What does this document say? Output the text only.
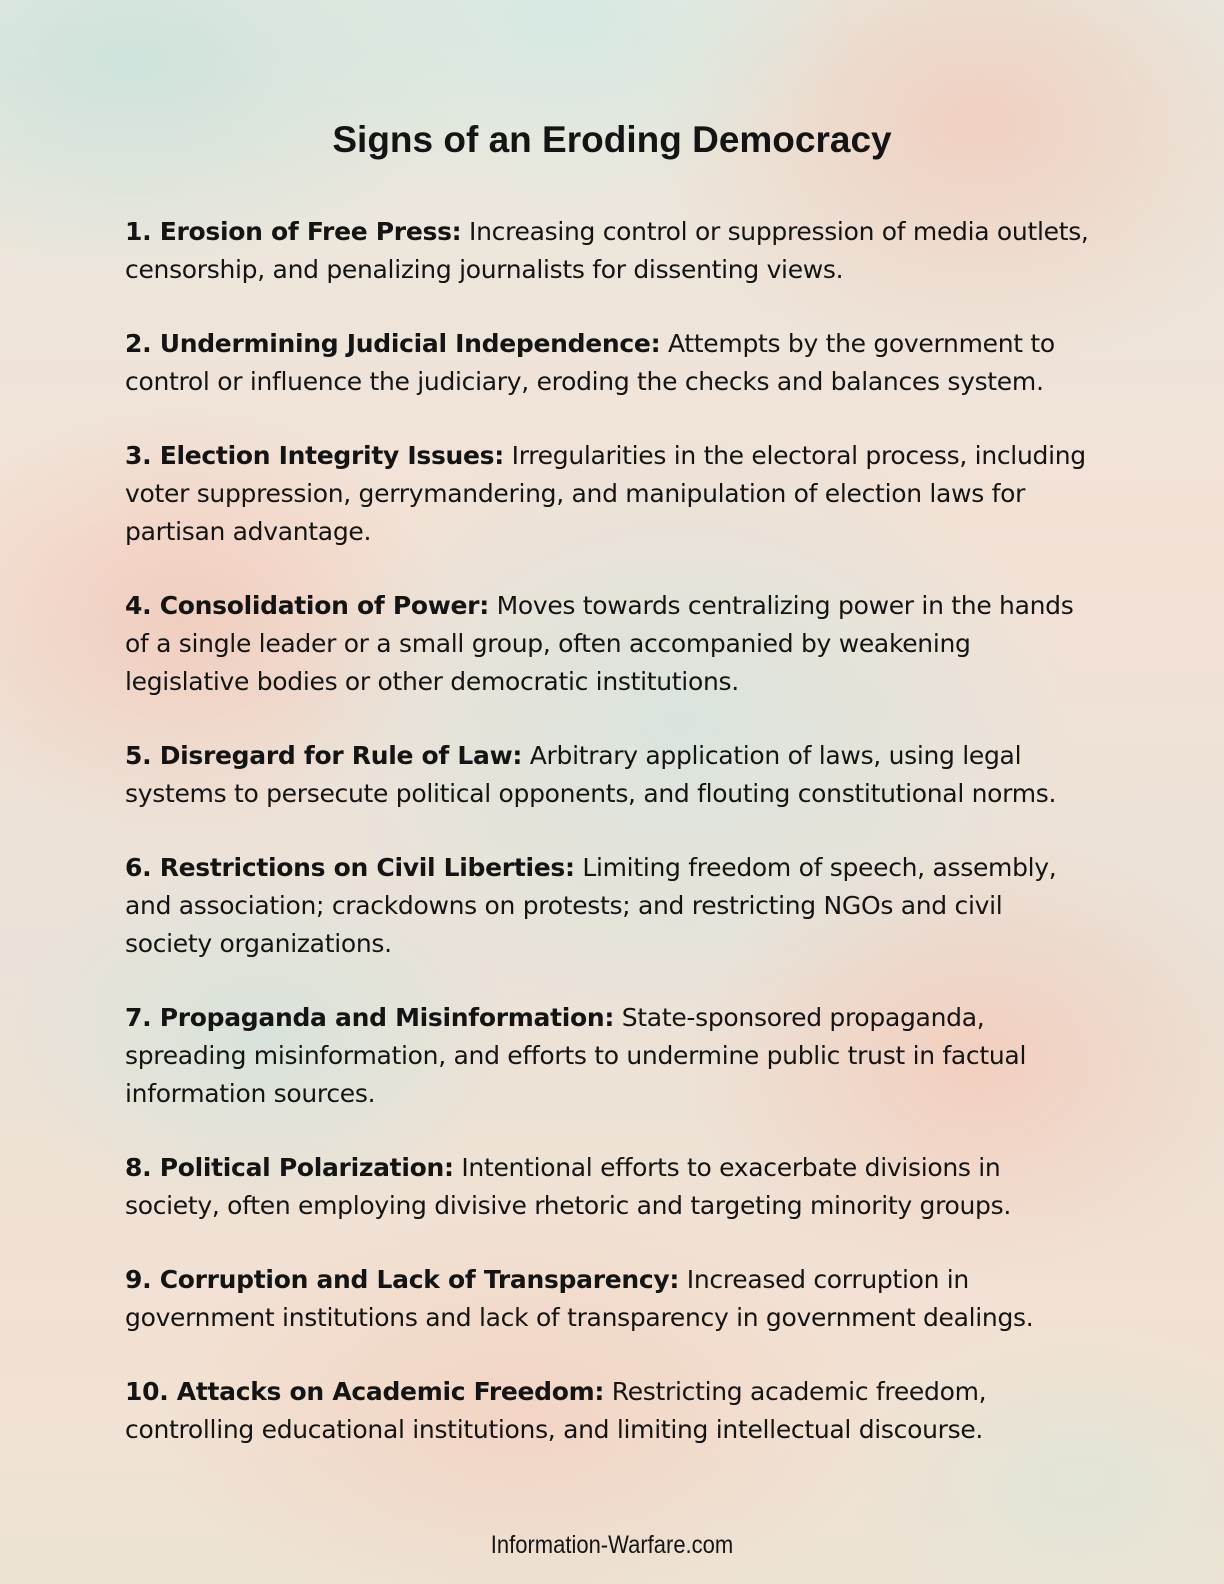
Signs of an Eroding Democracy

1. Erosion of Free Press: Increasing control or suppression of media outlets, censorship, and penalizing journalists for dissenting views.

2. Undermining Judicial Independence: Attempts by the government to control or influence the judiciary, eroding the checks and balances system.

3. Election Integrity Issues: Irregularities in the electoral process, including voter suppression, gerrymandering, and manipulation of election laws for partisan advantage.

4. Consolidation of Power: Moves towards centralizing power in the hands of a single leader or a small group, often accompanied by weakening legislative bodies or other democratic institutions.

5. Disregard for Rule of Law: Arbitrary application of laws, using legal systems to persecute political opponents, and flouting constitutional norms.

6. Restrictions on Civil Liberties: Limiting freedom of speech, assembly, and association; crackdowns on protests; and restricting NGOs and civil society organizations.

7. Propaganda and Misinformation: State-sponsored propaganda, spreading misinformation, and efforts to undermine public trust in factual information sources.

8. Political Polarization: Intentional efforts to exacerbate divisions in society, often employing divisive rhetoric and targeting minority groups.

9. Corruption and Lack of Transparency: Increased corruption in government institutions and lack of transparency in government dealings.

10. Attacks on Academic Freedom: Restricting academic freedom, controlling educational institutions, and limiting intellectual discourse.

Information-Warfare.com
